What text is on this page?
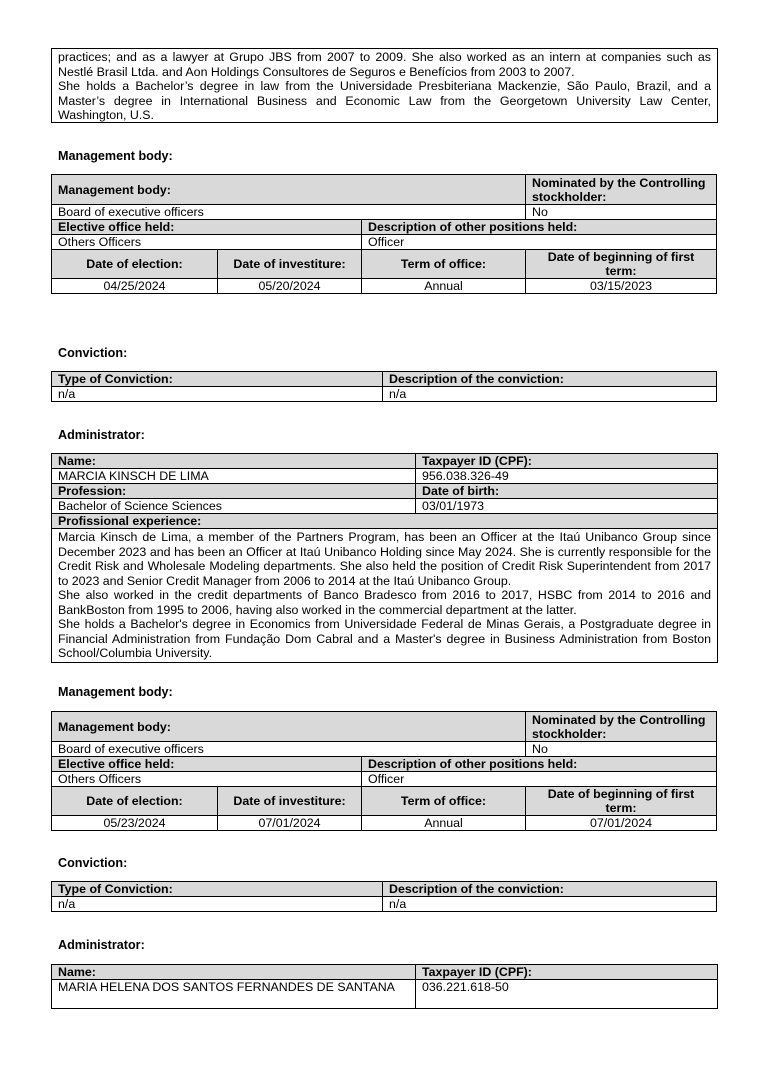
practices; and as a lawyer at Grupo JBS from 2007 to 2009. She also worked as an intern at companies such as Nestlé Brasil Ltda. and Aon Holdings Consultores de Seguros e Benefícios from 2003 to 2007.

She holds a Bachelor’s degree in law from the Universidade Presbiteriana Mackenzie, São Paulo, Brazil, and a Master’s degree in International Business and Economic Law from the Georgetown University Law Center, Washington, U.S.

Management body:
Management body:			Nominated by the Controlling stockholder:
Board of executive officers			No
Elective office held:		Description of other positions held:	
Others Officers		Officer	
Date of election:	Date of investiture:	Term of office:	Date of beginning of first term:
04/25/2024	05/20/2024	Annual	03/15/2023
Conviction:
Type of Conviction:	Description of the conviction:
n/a	n/a
Administrator:
Name:	Taxpayer ID (CPF):
MARCIA KINSCH DE LIMA	956.038.326-49
Profession:	Date of birth:
Bachelor of Science Sciences	03/01/1973
Profissional experience:	

Marcia Kinsch de Lima, a member of the Partners Program, has been an Officer at the Itaú Unibanco Group since December 2023 and has been an Officer at Itaú Unibanco Holding since May 2024. She is currently responsible for the Credit Risk and Wholesale Modeling departments. She also held the position of Credit Risk Superintendent from 2017 to 2023 and Senior Credit Manager from 2006 to 2014 at the Itaú Unibanco Group.

She also worked in the credit departments of Banco Bradesco from 2016 to 2017, HSBC from 2014 to 2016 and BankBoston from 1995 to 2006, having also worked in the commercial department at the latter.

She holds a Bachelor's degree in Economics from Universidade Federal de Minas Gerais, a Postgraduate degree in Financial Administration from Fundação Dom Cabral and a Master's degree in Business Administration from Boston School/Columbia University.	

Management body:
Management body:			Nominated by the Controlling stockholder:
Board of executive officers			No
Elective office held:		Description of other positions held:	
Others Officers		Officer	
Date of election:	Date of investiture:	Term of office:	Date of beginning of first term:
05/23/2024	07/01/2024	Annual	07/01/2024
Conviction:
Type of Conviction:	Description of the conviction:
n/a	n/a
Administrator:
Name:	Taxpayer ID (CPF):
MARIA HELENA DOS SANTOS FERNANDES DE SANTANA	036.221.618-50
